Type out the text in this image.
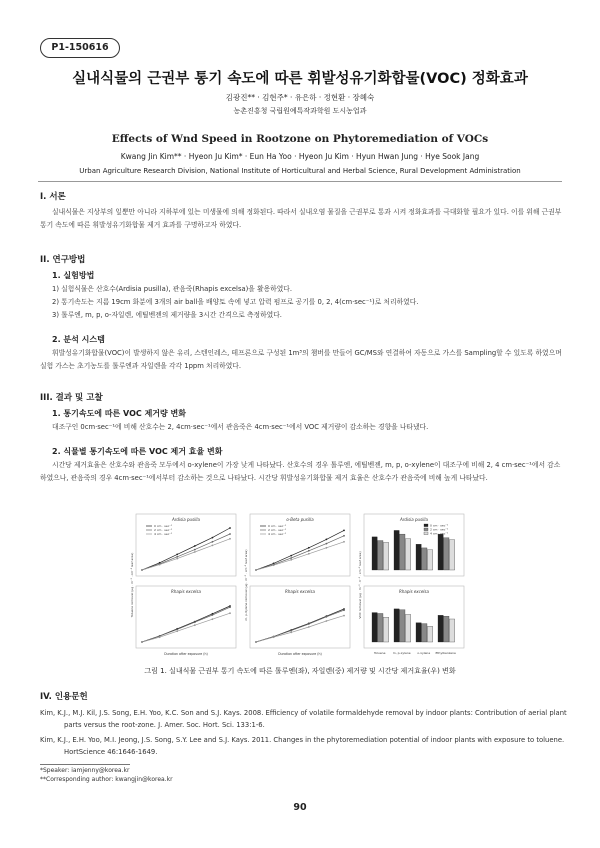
P1-150616
실내식물의 근권부 통기 속도에 따른 휘발성유기화합물(VOC) 정화효과
김광진** · 김현주* · 유은하 · 정현환 · 장혜숙
농촌진흥청 국립원예특작과학원 도시농업과
Effects of Wnd Speed in Rootzone on Phytoremediation of VOCs
Kwang Jin Kim** · Hyeon Ju Kim* · Eun Ha Yoo · Hyeon Ju Kim · Hyun Hwan Jung · Hye Sook Jang
Urban Agriculture Research Division, National Institute of Horticultural and Herbal Science, Rural Development Administration
I. 서론
실내식물은 지상부의 잎뿐만 아니라 지하부에 있는 미생물에 의해 정화된다. 따라서 실내오염 물질을 근권부로 통과 시켜 정화효과를 극대화할 필요가 있다. 이를 위해 근권부 통기 속도에 따른 휘발성유기화합물 제거 효과를 구명하고자 하였다.
II. 연구방법
1. 실험방법
1) 실험식물은 산호수(Ardisia pusilla), 관음죽(Rhapis excelsa)을 활용하였다.
2) 통기속도는 지름 19cm 화분에 3개의 air ball을 배양토 속에 넣고 압력 펌프로 공기를 0, 2, 4(cm·sec⁻¹)로 처리하였다.
3) 톨루엔, m, p, o-자일렌, 에틸벤젠의 제거량을 3시간 간격으로 측정하였다.
2. 분석 시스템
휘발성유기화합물(VOC)이 발생하지 않은 유리, 스텐인레스, 테프론으로 구성된 1m³의 챔버를 만들어 GC/MS와 연결하여 자동으로 가스를 Sampling할 수 있도록 하였으며 실험 가스는 초기농도를 톨루엔과 자일렌을 각각 1ppm 처리하였다.
III. 결과 및 고찰
1. 통기속도에 따른 VOC 제거량 변화
대조구인 0cm·sec⁻¹에 비해 산호수는 2, 4cm·sec⁻¹에서 관음죽은 4cm·sec⁻¹에서 VOC 제거량이 감소하는 경향을 나타냈다.
2. 식물별 통기속도에 따른 VOC 제거 효율 변화
시간당 제거효율은 산호수와 관음죽 모두에서 o-xylene이 가장 낮게 나타났다. 산호수의 경우 톨루엔, 에틸벤젠, m, p, o-xylene이 대조구에 비해 2, 4 cm·sec⁻¹에서 감소하였으나, 관음죽의 경우 4cm·sec⁻¹에서부터 감소하는 것으로 나타났다. 시간당 휘발성유기화합물 제거 효율은 산호수가 관음죽에 비해 높게 나타났다.
Ardisia pusilla
0 cm · sec⁻¹
2 cm · sec⁻¹
4 cm · sec⁻¹
o-Beta pusilla
0 cm · sec⁻¹
2 cm · sec⁻¹
4 cm · sec⁻¹
Ardisia pusilla
0 cm · sec⁻¹
2 cm · sec⁻¹
4 cm · sec⁻¹
Rhapis excelsa
Duration after exposure (h)
Rhapis excelsa
Duration after exposure (h)
Rhapis excelsa
Toluene m, p-xylene o-xylene Ethylbenzene
Toluene removal (μg · m⁻³ · cm⁻² leaf area)	m, p-Xylene removal (μg · m⁻³ · cm⁻² leaf area)	VOC removal (μg · m⁻³ · h⁻¹ · cm⁻² leaf area)
그림 1. 실내식물 근권부 통기 속도에 따른 톨루엔(좌), 자일렌(중) 제거량 및 시간당 제거효율(우) 변화
IV. 인용문헌
Kim, K.J., M.J. Kil, J.S. Song, E.H. Yoo, K.C. Son and S.J. Kays. 2008. Efficiency of volatile formaldehyde removal by indoor plants: Contribution of aerial plant parts versus the root-zone. J. Amer. Soc. Hort. Sci. 133:1-6.
Kim, K.J., E.H. Yoo, M.I. Jeong, J.S. Song, S.Y. Lee and S.J. Kays. 2011. Changes in the phytoremediation potential of indoor plants with exposure to toluene. HortScience 46:1646-1649.
*Speaker: iamjenny@korea.kr
**Corresponding author: kwangjin@korea.kr
90
